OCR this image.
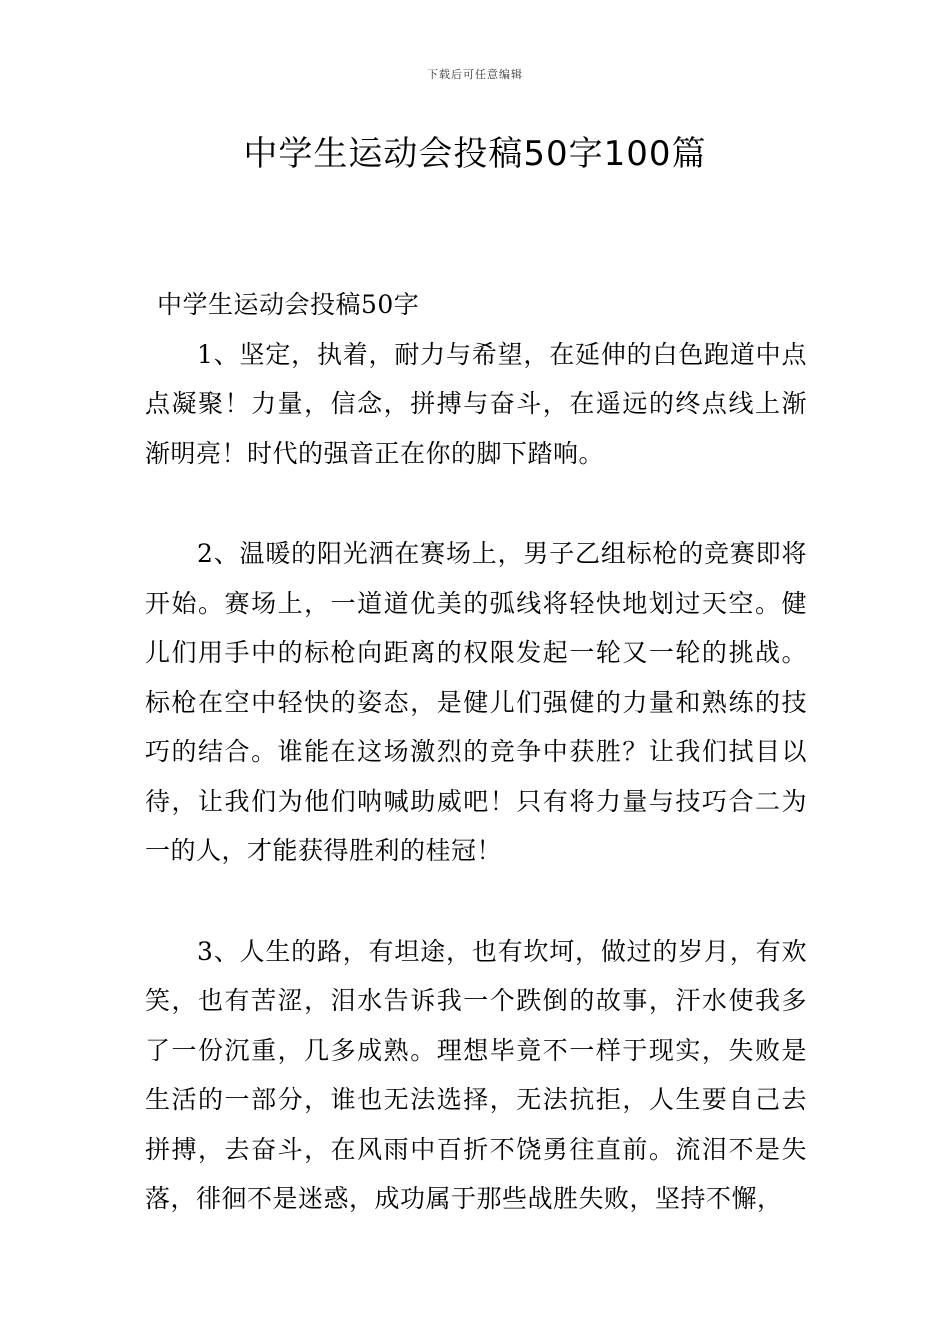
下载后可任意编辑
中学生运动会投稿50字100篇
中学生运动会投稿50字

1、坚定，执着，耐力与希望，在延伸的白色跑道中点点凝聚！力量，信念，拼搏与奋斗，在遥远的终点线上渐渐明亮！时代的强音正在你的脚下踏响。

2、温暖的阳光洒在赛场上，男子乙组标枪的竞赛即将开始。赛场上，一道道优美的弧线将轻快地划过天空。健儿们用手中的标枪向距离的权限发起一轮又一轮的挑战。标枪在空中轻快的姿态，是健儿们强健的力量和熟练的技巧的结合。谁能在这场激烈的竞争中获胜？让我们拭目以待，让我们为他们呐喊助威吧！只有将力量与技巧合二为一的人，才能获得胜利的桂冠！

3、人生的路，有坦途，也有坎坷，做过的岁月，有欢笑，也有苦涩，泪水告诉我一个跌倒的故事，汗水使我多了一份沉重，几多成熟。理想毕竟不一样于现实，失败是生活的一部分，谁也无法选择，无法抗拒，人生要自己去拼搏，去奋斗，在风雨中百折不饶勇往直前。流泪不是失落，徘徊不是迷惑，成功属于那些战胜失败，坚持不懈，
